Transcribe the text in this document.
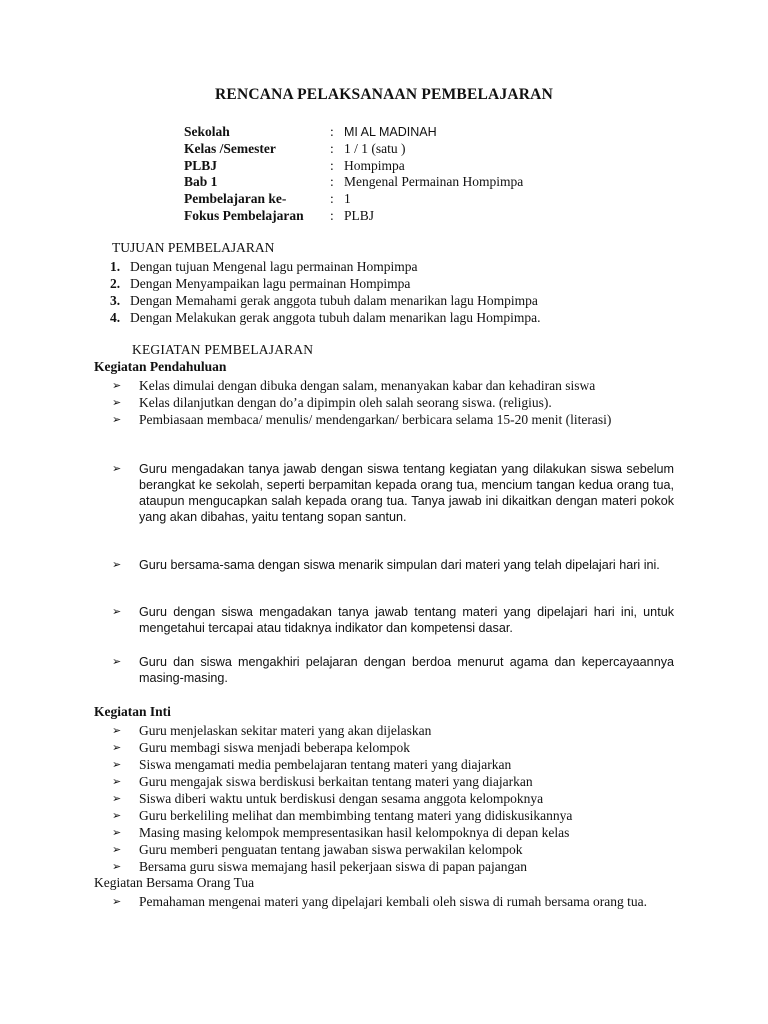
RENCANA PELAKSANAAN PEMBELAJARAN
Sekolah	: MI AL MADINAH
Kelas /Semester	: 1 / 1 (satu )
PLBJ	: Hompimpa
Bab 1	: Mengenal Permainan Hompimpa
Pembelajaran ke-	: 1
Fokus Pembelajaran	: PLBJ
TUJUAN PEMBELAJARAN
1. Dengan tujuan Mengenal lagu permainan Hompimpa
2. Dengan Menyampaikan lagu permainan Hompimpa
3. Dengan Memahami gerak anggota tubuh dalam menarikan lagu Hompimpa
4. Dengan Melakukan gerak anggota tubuh dalam menarikan lagu Hompimpa.
KEGIATAN PEMBELAJARAN
Kegiatan Pendahuluan
➢	Kelas dimulai dengan dibuka dengan salam, menanyakan kabar dan kehadiran siswa
➢	Kelas dilanjutkan dengan do’a dipimpin oleh salah seorang siswa. (religius).
➢	Pembiasaan membaca/ menulis/ mendengarkan/ berbicara selama 15-20 menit (literasi)
➢	Guru mengadakan tanya jawab dengan siswa tentang kegiatan yang dilakukan siswa sebelum berangkat ke sekolah, seperti berpamitan kepada orang tua, mencium tangan kedua orang tua, ataupun mengucapkan salah kepada orang tua. Tanya jawab ini dikaitkan dengan materi pokok yang akan dibahas, yaitu tentang sopan santun.
➢	Guru bersama-sama dengan siswa menarik simpulan dari materi yang telah dipelajari hari ini.
➢	Guru dengan siswa mengadakan tanya jawab tentang materi yang dipelajari hari ini, untuk mengetahui tercapai atau tidaknya indikator dan kompetensi dasar.
➢	Guru dan siswa mengakhiri pelajaran dengan berdoa menurut agama dan kepercayaannya masing-masing.
Kegiatan Inti
➢	Guru menjelaskan sekitar materi yang akan dijelaskan
➢	Guru membagi siswa menjadi beberapa kelompok
➢	Siswa mengamati media pembelajaran tentang materi yang diajarkan
➢	Guru mengajak siswa berdiskusi berkaitan tentang materi yang diajarkan
➢	Siswa diberi waktu untuk berdiskusi dengan sesama anggota kelompoknya
➢	Guru berkeliling melihat dan membimbing tentang materi yang didiskusikannya
➢	Masing masing kelompok mempresentasikan hasil kelompoknya di depan kelas
➢	Guru memberi penguatan tentang jawaban siswa perwakilan kelompok
➢	Bersama guru siswa memajang hasil pekerjaan siswa di papan pajangan
Kegiatan Bersama Orang Tua
➢	Pemahaman mengenai materi yang dipelajari kembali oleh siswa di rumah bersama orang tua.
